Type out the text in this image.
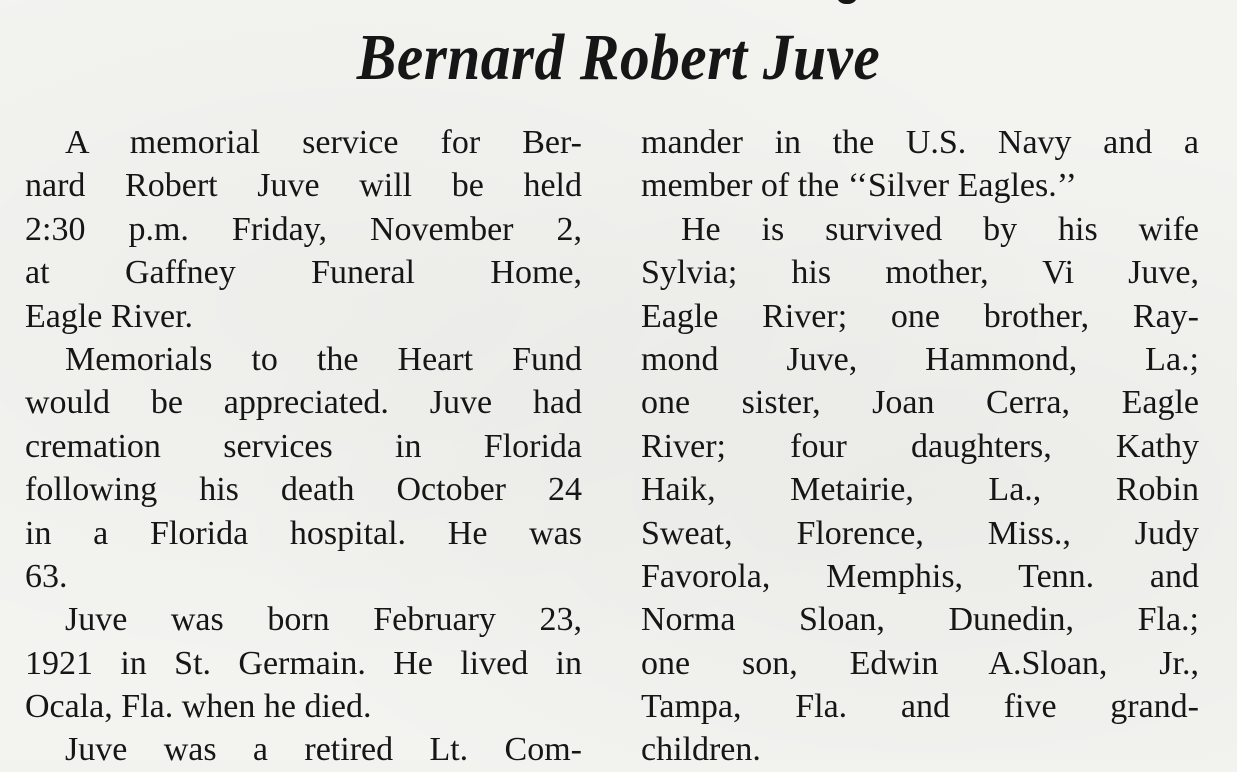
Bernard Robert Juve
A memorial service for Ber-
nard Robert Juve will be held
2:30 p.m. Friday, November 2,
at Gaffney Funeral Home,
Eagle River.
Memorials to the Heart Fund
would be appreciated. Juve had
cremation services in Florida
following his death October 24
in a Florida hospital. He was
63.
Juve was born February 23,
1921 in St. Germain. He lived in
Ocala, Fla. when he died.
Juve was a retired Lt. Com-
mander in the U.S. Navy and a
member of the ‘‘Silver Eagles.’’
He is survived by his wife
Sylvia; his mother, Vi Juve,
Eagle River; one brother, Ray-
mond Juve, Hammond, La.;
one sister, Joan Cerra, Eagle
River; four daughters, Kathy
Haik, Metairie, La., Robin
Sweat, Florence, Miss., Judy
Favorola, Memphis, Tenn. and
Norma Sloan, Dunedin, Fla.;
one son, Edwin A.Sloan, Jr.,
Tampa, Fla. and five grand-
children.
